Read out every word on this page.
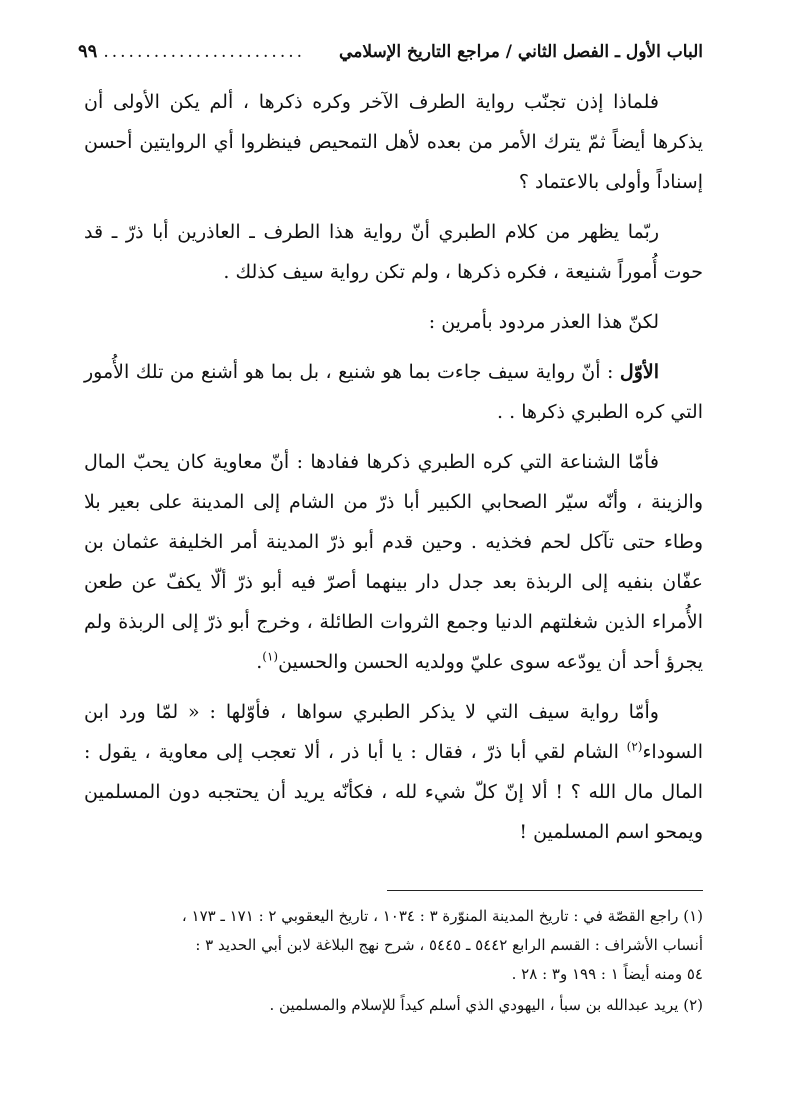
الباب الأول ـ الفصل الثاني / مراجع التاريخ الإسلامي
........................
٩٩

فلماذا إذن تجنّب رواية الطرف الآخر وكره ذكرها ، ألم يكن الأولى أن يذكرها أيضاً ثمّ يترك الأمر من بعده لأهل التمحيص فينظروا أي الروايتين أحسن إسناداً وأولى بالاعتماد ؟

ربّما يظهر من كلام الطبري أنّ رواية هذا الطرف ـ العاذرين أبا ذرّ ـ قد حوت أُموراً شنيعة ، فكره ذكرها ، ولم تكن رواية سيف كذلك .

لكنّ هذا العذر مردود بأمرين :

الأوّل : أنّ رواية سيف جاءت بما هو شنيع ، بل بما هو أشنع من تلك الأُمور التي كره الطبري ذكرها . .

فأمّا الشناعة التي كره الطبري ذكرها ففادها : أنّ معاوية كان يحبّ المال والزينة ، وأنّه سيّر الصحابي الكبير أبا ذرّ من الشام إلى المدينة على بعير بلا وطاء حتى تآكل لحم فخذيه . وحين قدم أبو ذرّ المدينة أمر الخليفة عثمان بن عفّان بنفيه إلى الربذة بعد جدل دار بينهما أصرّ فيه أبو ذرّ ألّا يكفّ عن طعن الأُمراء الذين شغلتهم الدنيا وجمع الثروات الطائلة ، وخرج أبو ذرّ إلى الربذة ولم يجرؤ أحد أن يودّعه سوى عليّ وولديه الحسن والحسين$^{(١)}$.

وأمّا رواية سيف التي لا يذكر الطبري سواها ، فأوّلها : « لمّا ورد ابن السوداء$^{(٢)}$ الشام لقي أبا ذرّ ، فقال : يا أبا ذر ، ألا تعجب إلى معاوية ، يقول : المال مال الله ؟ ! ألا إنّ كلّ شيء لله ، فكأنّه يريد أن يحتجبه دون المسلمين ويمحو اسم المسلمين !

(١) راجع القصّة في : تاريخ المدينة المنوّرة ٣ : ١٠٣٤ ، تاريخ اليعقوبي ٢ : ١٧١ ـ ١٧٣ ،
أنساب الأشراف : القسم الرابع ٥٤٤٢ ـ ٥٤٤٥ ، شرح نهج البلاغة لابن أبي الحديد ٣ :
٥٤ ومنه أيضاً ١ : ١٩٩ و٣ : ٢٨ .
(٢) يريد عبدالله بن سبأ ، اليهودي الذي أسلم كيداً للإسلام والمسلمين .
